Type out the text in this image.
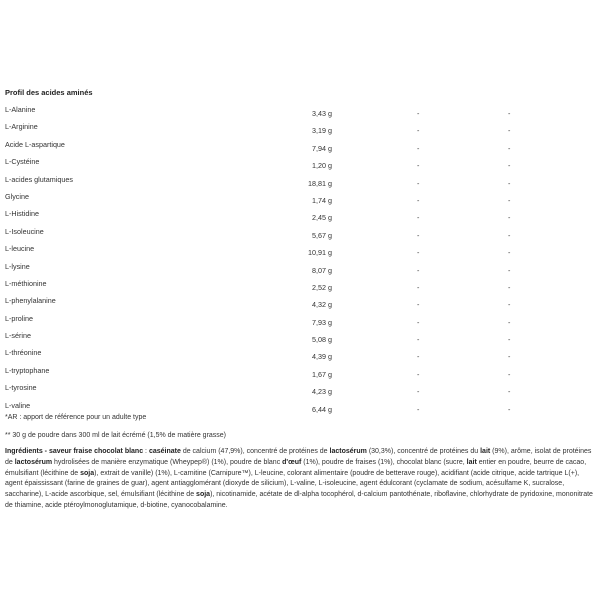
Profil des acides aminés
L-Alanine	3,43 g	-	-
L-Arginine	3,19 g	-	-
Acide L-aspartique	7,94 g	-	-
L-Cystéine	1,20 g	-	-
L-acides glutamiques	18,81 g	-	-
Glycine	1,74 g	-	-
L-Histidine	2,45 g	-	-
L-Isoleucine	5,67 g	-	-
L-leucine	10,91 g	-	-
L-lysine	8,07 g	-	-
L-méthionine	2,52 g	-	-
L-phenylalanine	4,32 g	-	-
L-proline	7,93 g	-	-
L-sérine	5,08 g	-	-
L-thréonine	4,39 g	-	-
L-tryptophane	1,67 g	-	-
L-tyrosine	4,23 g	-	-
L-valine	6,44 g	-	-
*AR : apport de référence pour un adulte type
** 30 g de poudre dans 300 ml de lait écrémé (1,5% de matière grasse)
Ingrédients - saveur fraise chocolat blanc : caséinate de calcium (47,9%), concentré de protéines de lactosérum (30,3%), concentré de protéines du lait (9%), arôme, isolat de protéines de lactosérum hydrolisées de manière enzymatique (Wheypep®) (1%), poudre de blanc d'œuf (1%), poudre de fraises (1%), chocolat blanc (sucre, lait entier en poudre, beurre de cacao, émulsifiant (lécithine de soja), extrait de vanille) (1%), L-carnitine (Carnipure™), L-leucine, colorant alimentaire (poudre de betterave rouge), acidifiant (acide citrique, acide tartrique L(+), agent épaississant (farine de graines de guar), agent antiagglomérant (dioxyde de silicium), L-valine, L-isoleucine, agent édulcorant (cyclamate de sodium, acésulfame K, sucralose, saccharine), L-acide ascorbique, sel, émulsifiant (lécithine de soja), nicotinamide, acétate de dl-alpha tocophérol, d-calcium pantothénate, riboflavine, chlorhydrate de pyridoxine, mononitrate de thiamine, acide ptéroylmonoglutamique, d-biotine, cyanocobalamine.
